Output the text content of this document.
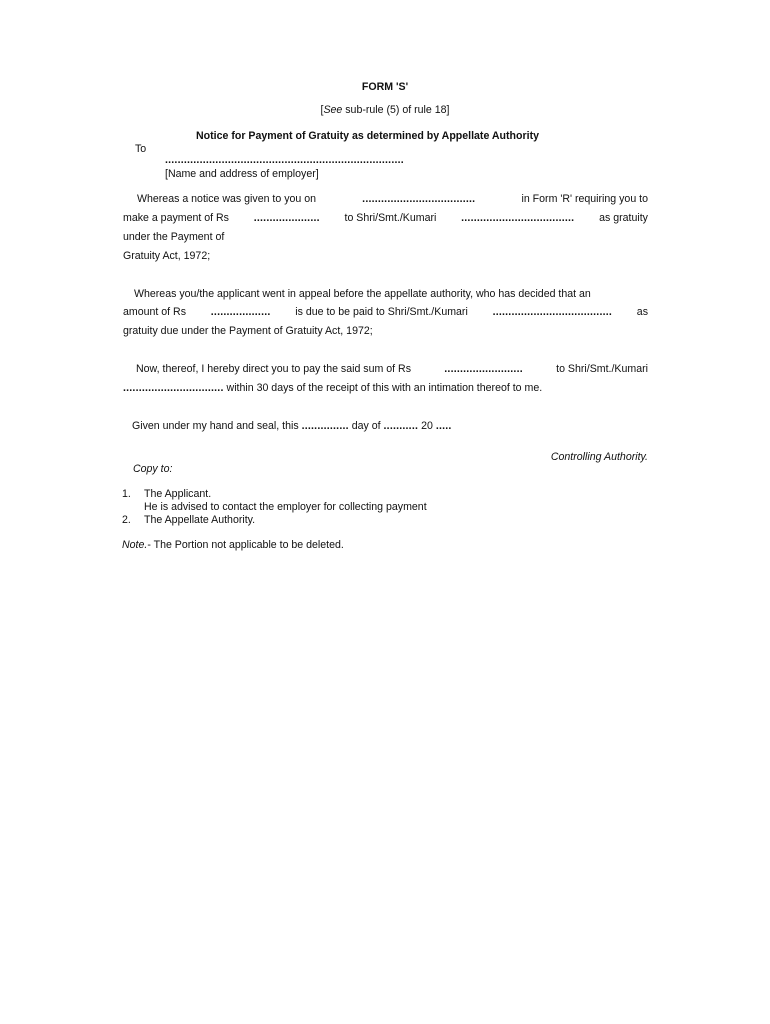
FORM 'S'
[See sub-rule (5) of rule 18]
Notice for Payment of Gratuity as determined by Appellate Authority
To
............................................................................
[Name and address of employer]
Whereas a notice was given to you on	....................................	in Form 'R' requiring you to
make a payment of Rs ..................... to Shri/Smt./Kumari .................................... as gratuity
under the Payment of
Gratuity Act, 1972;
Whereas you/the applicant went in appeal before the appellate authority, who has decided that an
amount of Rs ................... is due to be paid to Shri/Smt./Kumari ...................................... as
gratuity due under the Payment of Gratuity Act, 1972;
Now, thereof, I hereby direct you to pay the said sum of Rs	.........................	to Shri/Smt./Kumari
................................ within 30 days of the receipt of this with an intimation thereof to me.
Given under my hand and seal, this ............... day of ........... 20 .....
Controlling Authority.
Copy to:
1. The Applicant.
He is advised to contact the employer for collecting payment
2. The Appellate Authority.
Note.- The Portion not applicable to be deleted.
